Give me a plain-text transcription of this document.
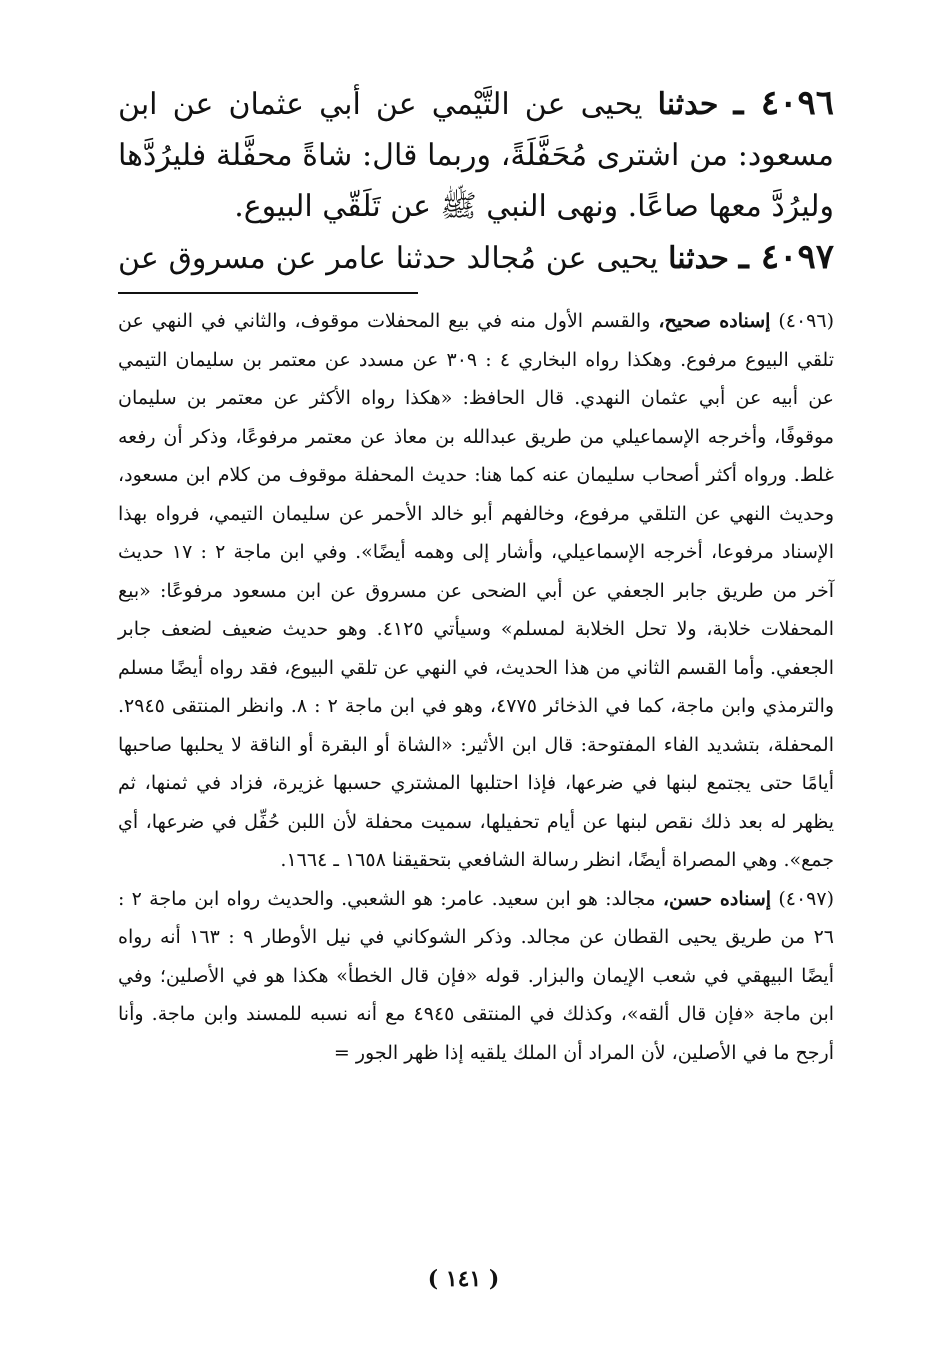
٤٠٩٦ ـ حدثنا يحيى عن التَّيْمي عن أبي عثمان عن ابن مسعود: من اشترى مُحَفَّلَةً، وربما قال: شاةً محفَّلة فليرُدَّها وليرُدَّ معها صاعًا. ونهى النبي ﷺ عن تَلَقّي البيوع.

٤٠٩٧ ـ حدثنا يحيى عن مُجالد حدثنا عامر عن مسروق عن

(٤٠٩٦) إسناده صحيح، والقسم الأول منه في بيع المحفلات موقوف، والثاني في النهي عن تلقي البيوع مرفوع. وهكذا رواه البخاري ٤ : ٣٠٩ عن مسدد عن معتمر بن سليمان التيمي عن أبيه عن أبي عثمان النهدي. قال الحافظ: «هكذا رواه الأكثر عن معتمر بن سليمان موقوفًا، وأخرجه الإسماعيلي من طريق عبدالله بن معاذ عن معتمر مرفوعًا، وذكر أن رفعه غلط. ورواه أكثر أصحاب سليمان عنه كما هنا: حديث المحفلة موقوف من كلام ابن مسعود، وحديث النهي عن التلقي مرفوع، وخالفهم أبو خالد الأحمر عن سليمان التيمي، فرواه بهذا الإسناد مرفوعا، أخرجه الإسماعيلي، وأشار إلى وهمه أيضًا». وفي ابن ماجة ٢ : ١٧ حديث آخر من طريق جابر الجعفي عن أبي الضحى عن مسروق عن ابن مسعود مرفوعًا: «بيع المحفلات خلابة، ولا تحل الخلابة لمسلم» وسيأتي ٤١٢٥. وهو حديث ضعيف لضعف جابر الجعفي. وأما القسم الثاني من هذا الحديث، في النهي عن تلقي البيوع، فقد رواه أيضًا مسلم والترمذي وابن ماجة، كما في الذخائر ٤٧٧٥، وهو في ابن ماجة ٢ : ٨. وانظر المنتقى ٢٩٤٥. المحفلة، بتشديد الفاء المفتوحة: قال ابن الأثير: «الشاة أو البقرة أو الناقة لا يحلبها صاحبها أيامًا حتى يجتمع لبنها في ضرعها، فإذا احتلبها المشتري حسبها غزيرة، فزاد في ثمنها، ثم يظهر له بعد ذلك نقص لبنها عن أيام تحفيلها، سميت محفلة لأن اللبن حُفِّل في ضرعها، أي جمع». وهي المصراة أيضًا، انظر رسالة الشافعي بتحقيقنا ١٦٥٨ ـ ١٦٦٤.

(٤٠٩٧) إسناده حسن، مجالد: هو ابن سعيد. عامر: هو الشعبي. والحديث رواه ابن ماجة ٢ : ٢٦ من طريق يحيى القطان عن مجالد. وذكر الشوكاني في نيل الأوطار ٩ : ١٦٣ أنه رواه أيضًا البيهقي في شعب الإيمان والبزار. قوله «فإن قال الخطأ» هكذا هو في الأصلين؛ وفي ابن ماجة «فإن قال ألقه»، وكذلك في المنتقى ٤٩٤٥ مع أنه نسبه للمسند وابن ماجة. وأنا أرجح ما في الأصلين، لأن المراد أن الملك يلقيه إذا ظهر الجور =

( ١٤١ )
